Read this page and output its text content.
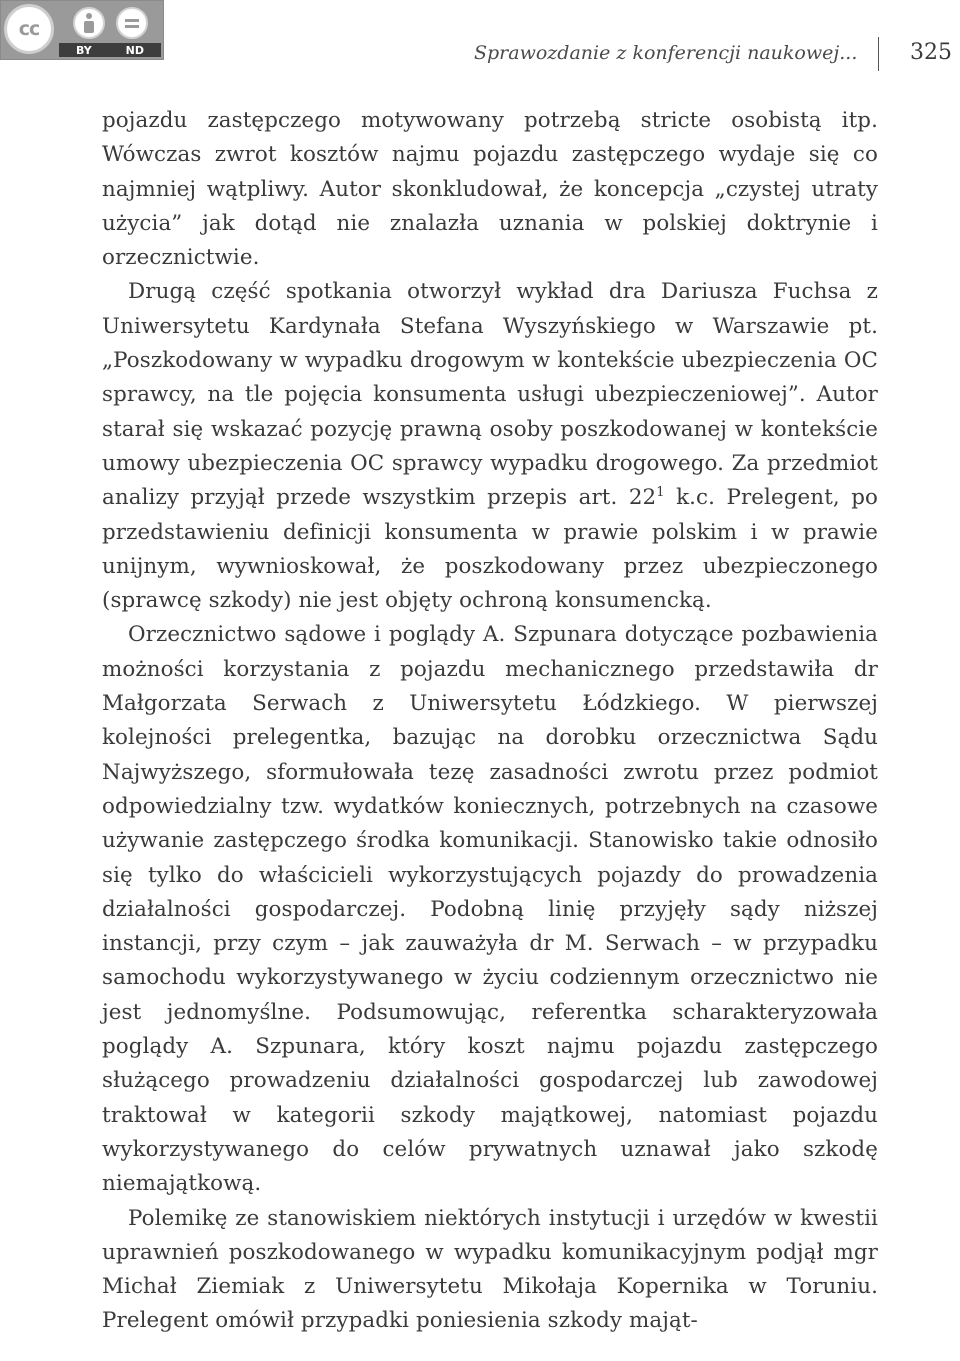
cc
BY	ND	Sprawozdanie z konferencji naukowej... 325

pojazdu zastępczego motywowany potrzebą stricte osobistą itp. Wówczas zwrot kosztów najmu pojazdu zastępczego wydaje się co najmniej wątpliwy. Autor skonkludował, że koncepcja „czystej utraty użycia” jak dotąd nie znalazła uznania w polskiej doktrynie i orzecznictwie.

Drugą część spotkania otworzył wykład dra Dariusza Fuchsa z Uniwersytetu Kardynała Stefana Wyszyńskiego w Warszawie pt. „Poszkodowany w wypadku drogowym w kontekście ubezpieczenia OC sprawcy, na tle pojęcia konsumenta usługi ubezpieczeniowej”. Autor starał się wskazać pozycję prawną osoby poszkodowanej w kontekście umowy ubezpieczenia OC sprawcy wypadku drogowego. Za przedmiot analizy przyjął przede wszystkim przepis art. $22^1$ k.c. Prelegent, po przedstawieniu definicji konsumenta w prawie polskim i w prawie unijnym, wywnioskował, że poszkodowany przez ubezpieczonego (sprawcę szkody) nie jest objęty ochroną konsumencką.

Orzecznictwo sądowe i poglądy A. Szpunara dotyczące pozbawienia możności korzystania z pojazdu mechanicznego przedstawiła dr Małgorzata Serwach z Uniwersytetu Łódzkiego. W pierwszej kolejności prelegentka, bazując na dorobku orzecznictwa Sądu Najwyższego, sformułowała tezę zasadności zwrotu przez podmiot odpowiedzialny tzw. wydatków koniecznych, potrzebnych na czasowe używanie zastępczego środka komunikacji. Stanowisko takie odnosiło się tylko do właścicieli wykorzystujących pojazdy do prowadzenia działalności gospodarczej. Podobną linię przyjęły sądy niższej instancji, przy czym – jak zauważyła dr M. Serwach – w przypadku samochodu wykorzystywanego w życiu codziennym orzecznictwo nie jest jednomyślne. Podsumowując, referentka scharakteryzowała poglądy A. Szpunara, który koszt najmu pojazdu zastępczego służącego prowadzeniu działalności gospodarczej lub zawodowej traktował w kategorii szkody majątkowej, natomiast pojazdu wykorzystywanego do celów prywatnych uznawał jako szkodę niemajątkową.

Polemikę ze stanowiskiem niektórych instytucji i urzędów w kwestii uprawnień poszkodowanego w wypadku komunikacyjnym podjął mgr Michał Ziemiak z Uniwersytetu Mikołaja Kopernika w Toruniu. Prelegent omówił przypadki poniesienia szkody mająt-
